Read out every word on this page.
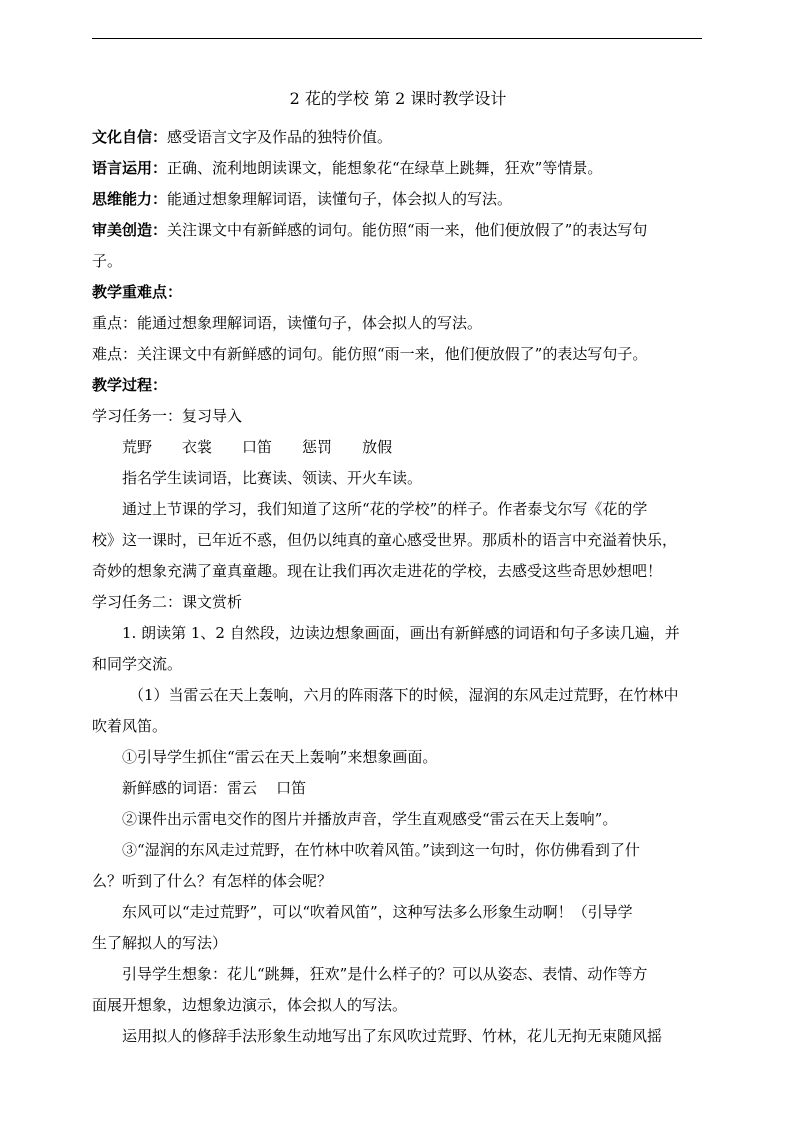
2 花的学校 第 2 课时教学设计
文化自信：感受语言文字及作品的独特价值。
语言运用：正确、流利地朗读课文，能想象花“在绿草上跳舞，狂欢”等情景。
思维能力：能通过想象理解词语，读懂句子，体会拟人的写法。
审美创造：关注课文中有新鲜感的词句。能仿照“雨一来，他们便放假了”的表达写句
子。
教学重难点：
重点：能通过想象理解词语，读懂句子，体会拟人的写法。
难点：关注课文中有新鲜感的词句。能仿照“雨一来，他们便放假了”的表达写句子。
教学过程：
学习任务一：复习导入
荒野 衣裳 口笛 惩罚 放假
指名学生读词语，比赛读、领读、开火车读。
通过上节课的学习，我们知道了这所“花的学校”的样子。作者泰戈尔写《花的学
校》这一课时，已年近不惑，但仍以纯真的童心感受世界。那质朴的语言中充溢着快乐，
奇妙的想象充满了童真童趣。现在让我们再次走进花的学校，去感受这些奇思妙想吧！
学习任务二：课文赏析
1. 朗读第 1、2 自然段，边读边想象画面，画出有新鲜感的词语和句子多读几遍，并
和同学交流。
（1）当雷云在天上轰响，六月的阵雨落下的时候，湿润的东风走过荒野，在竹林中
吹着风笛。
①引导学生抓住“雷云在天上轰响”来想象画面。
新鲜感的词语：雷云    口笛
②课件出示雷电交作的图片并播放声音，学生直观感受“雷云在天上轰响”。
③“湿润的东风走过荒野，在竹林中吹着风笛。”读到这一句时，你仿佛看到了什
么？听到了什么？有怎样的体会呢？
东风可以“走过荒野”，可以“吹着风笛”，这种写法多么形象生动啊！（引导学
生了解拟人的写法）
引导学生想象：花儿“跳舞，狂欢”是什么样子的？可以从姿态、表情、动作等方
面展开想象，边想象边演示，体会拟人的写法。
运用拟人的修辞手法形象生动地写出了东风吹过荒野、竹林，花儿无拘无束随风摇
